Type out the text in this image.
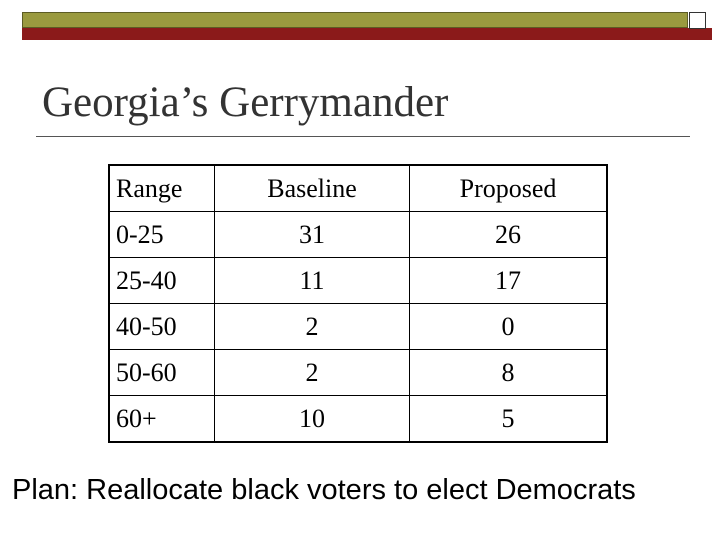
Georgia’s Gerrymander
Range	Baseline	Proposed
0-25	31	26
25-40	11	17
40-50	2	0
50-60	2	8
60+	10	5

Plan: Reallocate black voters to elect Democrats
